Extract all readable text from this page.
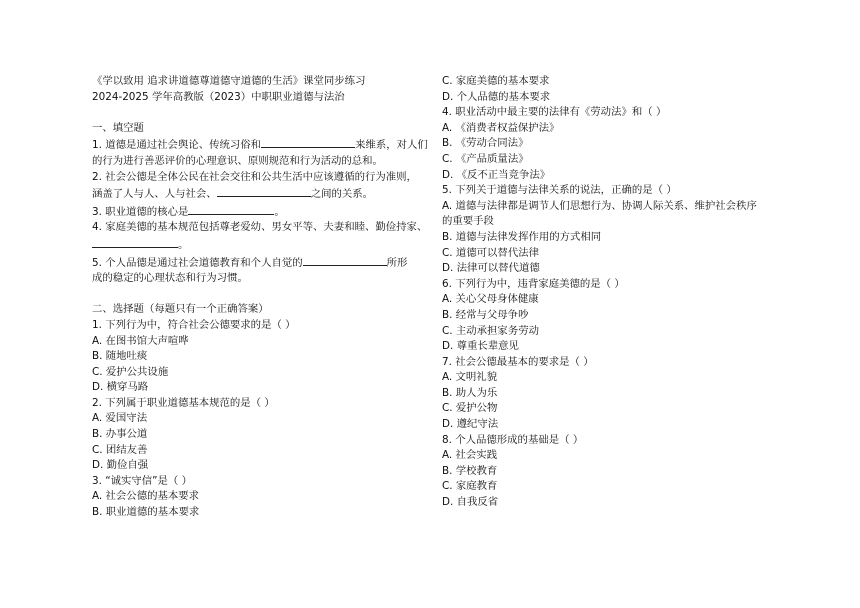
《学以致用 追求讲道德尊道德守道德的生活》课堂同步练习
2024-2025 学年高教版（2023）中职职业道德与法治
一、填空题
1. 道德是通过社会舆论、传统习俗和	来维系，对人们
的行为进行善恶评价的心理意识、原则规范和行为活动的总和。
2. 社会公德是全体公民在社会交往和公共生活中应该遵循的行为准则，
涵盖了人与人、人与社会、	之间的关系。
3. 职业道德的核心是	。
4. 家庭美德的基本规范包括尊老爱幼、男女平等、夫妻和睦、勤俭持家、
。
5. 个人品德是通过社会道德教育和个人自觉的	所形
成的稳定的心理状态和行为习惯。
二、选择题（每题只有一个正确答案）
1. 下列行为中，符合社会公德要求的是（ ）
A. 在图书馆大声喧哗
B. 随地吐痰
C. 爱护公共设施
D. 横穿马路
2. 下列属于职业道德基本规范的是（ ）
A. 爱国守法
B. 办事公道
C. 团结友善
D. 勤俭自强
3. “诚实守信”是（ ）
A. 社会公德的基本要求
B. 职业道德的基本要求
C. 家庭美德的基本要求
D. 个人品德的基本要求
4. 职业活动中最主要的法律有《劳动法》和（ ）
A. 《消费者权益保护法》
B. 《劳动合同法》
C. 《产品质量法》
D. 《反不正当竞争法》
5. 下列关于道德与法律关系的说法，正确的是（ ）
A. 道德与法律都是调节人们思想行为、协调人际关系、维护社会秩序
的重要手段
B. 道德与法律发挥作用的方式相同
C. 道德可以替代法律
D. 法律可以替代道德
6. 下列行为中，违背家庭美德的是（ ）
A. 关心父母身体健康
B. 经常与父母争吵
C. 主动承担家务劳动
D. 尊重长辈意见
7. 社会公德最基本的要求是（ ）
A. 文明礼貌
B. 助人为乐
C. 爱护公物
D. 遵纪守法
8. 个人品德形成的基础是（ ）
A. 社会实践
B. 学校教育
C. 家庭教育
D. 自我反省
